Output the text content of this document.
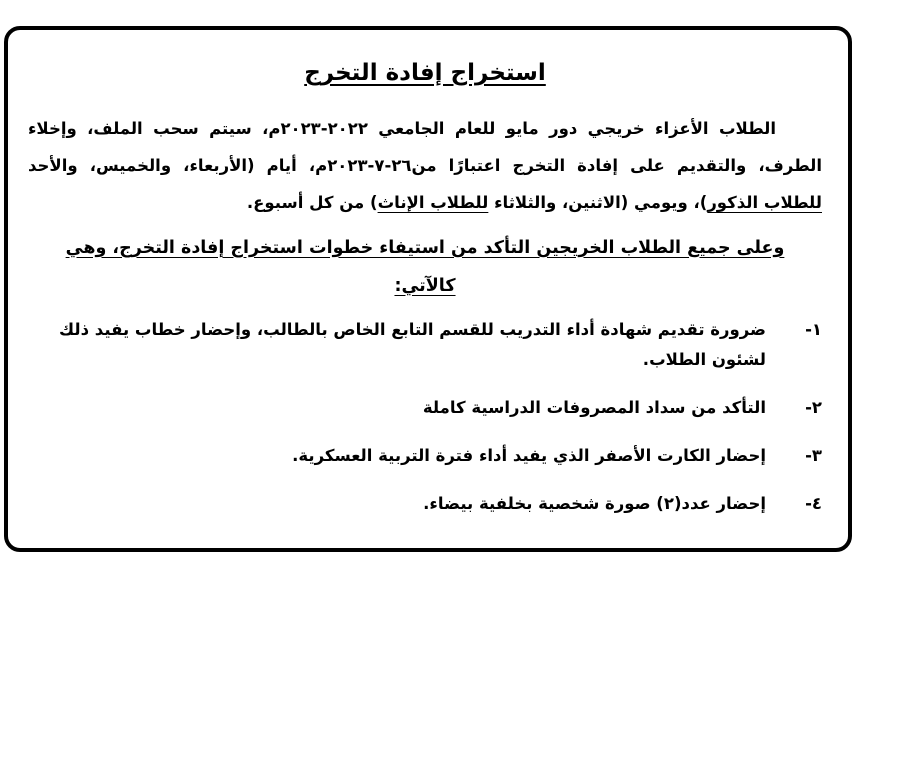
استخراج إفادة التخرج

الطلاب الأعزاء خريجي دور مايو للعام الجامعي ٢٠٢٢-٢٠٢٣م، سيتم سحب الملف، وإخلاء الطرف، والتقديم على إفادة التخرج اعتبارًا من٢٦-٧-٢٠٢٣م، أيام (الأربعاء، والخميس، والأحد للطلاب الذكور)، ويومي (الاثنين، والثلاثاء للطلاب الإناث) من كل أسبوع.

وعلى جميع الطلاب الخريجين التأكد من استيفاء خطوات استخراج إفادة التخرج، وهي
كالآتي:
١-
ضرورة تقديم شهادة أداء التدريب للقسم التابع الخاص بالطالب، وإحضار خطاب يفيد ذلك لشئون الطلاب.
٢-
التأكد من سداد المصروفات الدراسية كاملة
٣-
إحضار الكارت الأصفر الذي يفيد أداء فترة التربية العسكرية.
٤-
إحضار عدد(٢) صورة شخصية بخلفية بيضاء.
